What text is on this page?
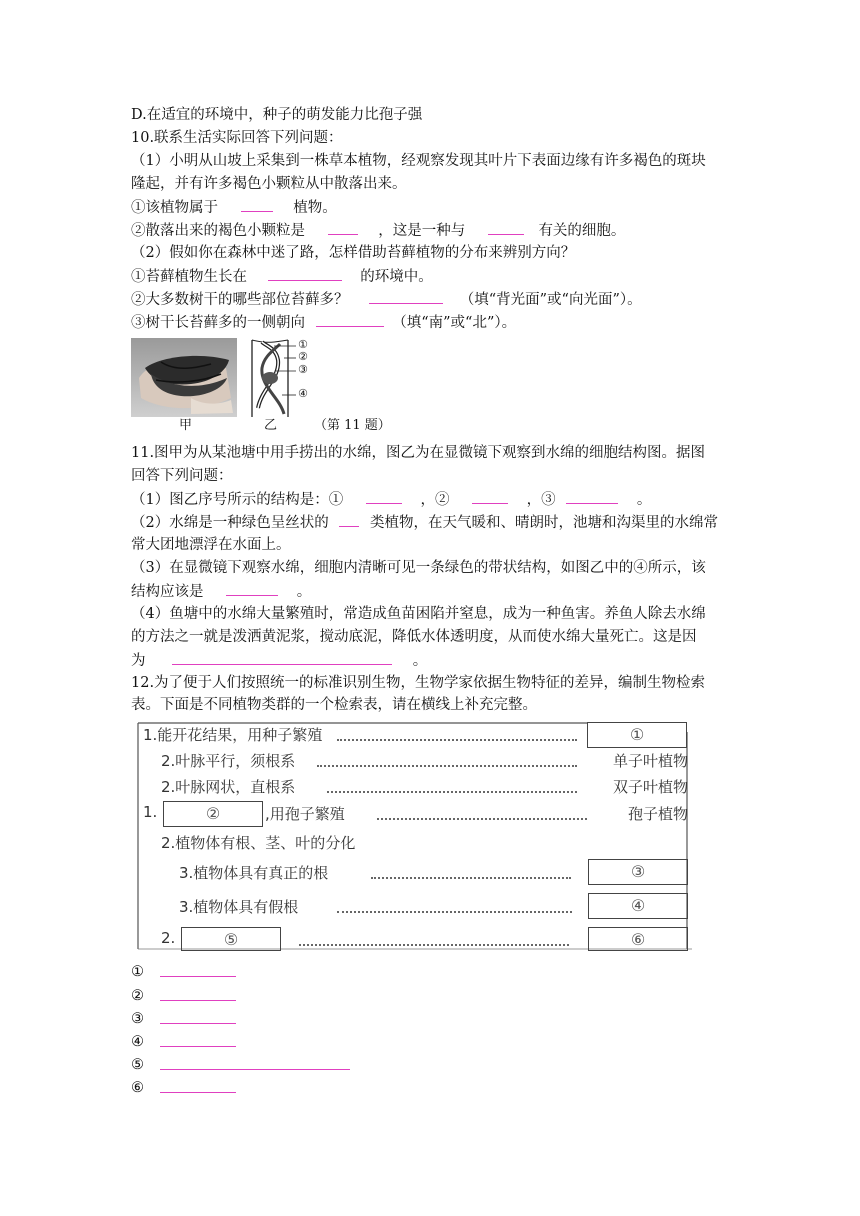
D.在适宜的环境中，种子的萌发能力比孢子强
10.联系生活实际回答下列问题：
（1）小明从山坡上采集到一株草本植物，经观察发现其叶片下表面边缘有许多褐色的斑块
隆起，并有许多褐色小颗粒从中散落出来。
①该植物属于	植物。
②散落出来的褐色小颗粒是	，这是一种与	有关的细胞。
（2）假如你在森林中迷了路，怎样借助苔藓植物的分布来辨别方向？
①苔藓植物生长在	的环境中。
②大多数树干的哪些部位苔藓多？	（填“背光面”或“向光面”）。
③树干长苔藓多的一侧朝向	（填“南”或“北”）。
①
②
③
④
甲	乙	（第 11 题）
11.图甲为从某池塘中用手捞出的水绵，图乙为在显微镜下观察到水绵的细胞结构图。据图
回答下列问题：
（1）图乙序号所示的结构是：①	，②	，③	。
（2）水绵是一种绿色呈丝状的	类植物，在天气暖和、晴朗时，池塘和沟渠里的水绵常
常大团地漂浮在水面上。
（3）在显微镜下观察水绵，细胞内清晰可见一条绿色的带状结构，如图乙中的④所示，该
结构应该是	。
（4）鱼塘中的水绵大量繁殖时，常造成鱼苗困陷并窒息，成为一种鱼害。养鱼人除去水绵
的方法之一就是泼洒黄泥浆，搅动底泥，降低水体透明度，从而使水绵大量死亡。这是因
为	。
12.为了便于人们按照统一的标准识别生物，生物学家依据生物特征的差异，编制生物检索
表。下面是不同植物类群的一个检索表，请在横线上补充完整。
1.能开花结果，用种子繁殖	①
2.叶脉平行，须根系	单子叶植物
2.叶脉网状，直根系	双子叶植物
1.	②	,用孢子繁殖	孢子植物
2.植物体有根、茎、叶的分化
3.植物体具有真正的根	③
3.植物体具有假根	④
2.	⑤	⑥
①
②
③
④
⑤
⑥
